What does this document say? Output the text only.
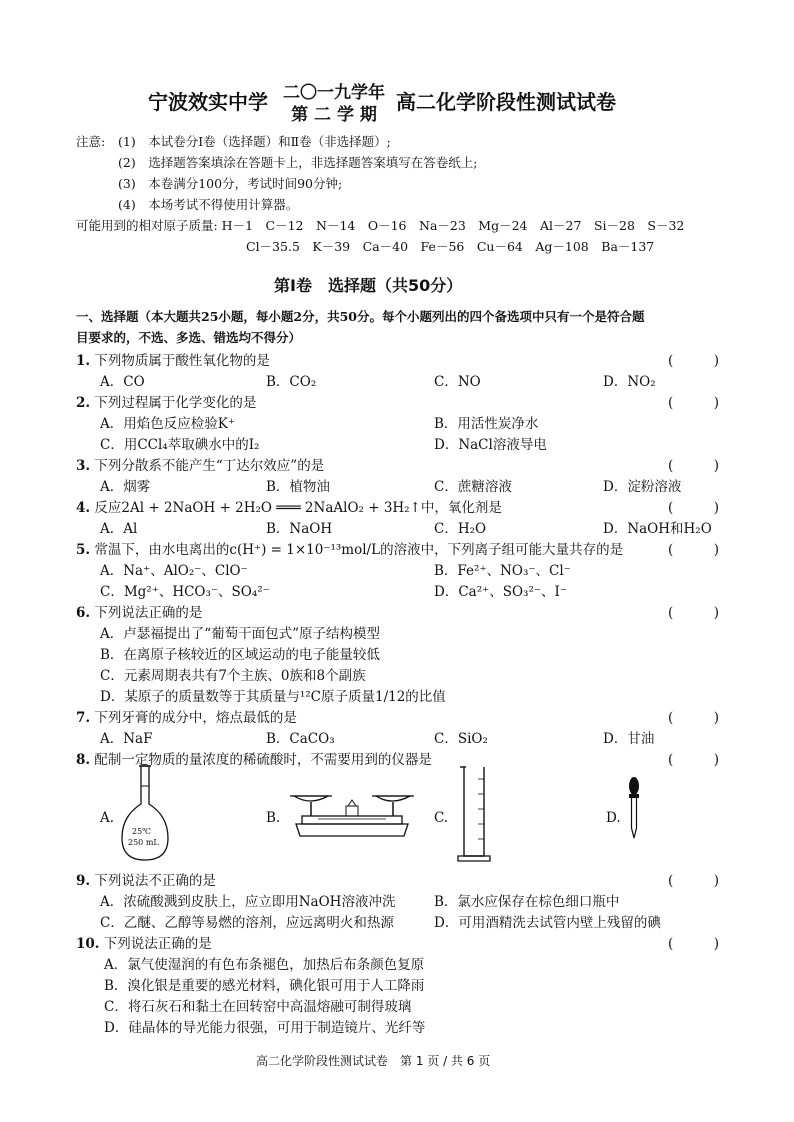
宁波效实中学 二〇一九学年
第 二 学 期
高二化学阶段性测试试卷
注意: (1)　本试卷分Ⅰ卷（选择题）和Ⅱ卷（非选择题）;
(2)　选择题答案填涂在答题卡上，非选择题答案填写在答卷纸上;
(3)　本卷满分100分，考试时间90分钟;
(4)　本场考试不得使用计算器。
可能用到的相对原子质量: H－1　C－12　N－14　O－16　Na－23　Mg－24　Al－27　Si－28　S－32
Cl－35.5　K－39　Ca－40　Fe－56　Cu－64　Ag－108　Ba－137
第Ⅰ卷　选择题（共50分）
一、选择题（本大题共25小题，每小题2分，共50分。每个小题列出的四个备选项中只有一个是符合题
目要求的，不选、多选、错选均不得分）
1. 下列物质属于酸性氧化物的是	(　　　)
A．CO	B．CO₂	C．NO	D．NO₂
2. 下列过程属于化学变化的是	(　　　)
A．用焰色反应检验K⁺	B．用活性炭净水
C．用CCl₄萃取碘水中的I₂	D．NaCl溶液导电
3. 下列分散系不能产生“丁达尔效应”的是	(　　　)
A．烟雾	B．植物油	C．蔗糖溶液	D．淀粉溶液
4. 反应2Al + 2NaOH + 2H₂O ═══ 2NaAlO₂ + 3H₂↑中，氧化剂是	(　　　)
A．Al	B．NaOH	C．H₂O	D．NaOH和H₂O
5. 常温下，由水电离出的c(H⁺) = 1×10⁻¹³mol/L的溶液中，下列离子组可能大量共存的是	(　　　)
A．Na⁺、AlO₂⁻、ClO⁻	B．Fe²⁺、NO₃⁻、Cl⁻
C．Mg²⁺、HCO₃⁻、SO₄²⁻	D．Ca²⁺、SO₃²⁻、I⁻
6. 下列说法正确的是	(　　　)
A．卢瑟福提出了“葡萄干面包式”原子结构模型
B．在离原子核较近的区域运动的电子能量较低
C．元素周期表共有7个主族、0族和8个副族
D．某原子的质量数等于其质量与¹²C原子质量1/12的比值
7. 下列牙膏的成分中，熔点最低的是	(　　　)
A．NaF	B．CaCO₃	C．SiO₂	D．甘油
8. 配制一定物质的量浓度的稀硫酸时，不需要用到的仪器是	(　　　)
A.	B.	C.	D.
25℃
250 mL
9. 下列说法不正确的是	(　　　)
A．浓硫酸溅到皮肤上，应立即用NaOH溶液冲洗	B．氯水应保存在棕色细口瓶中
C．乙醚、乙醇等易燃的溶剂，应远离明火和热源	D．可用酒精洗去试管内壁上残留的碘
10. 下列说法正确的是	(　　　)
A．氯气使湿润的有色布条褪色，加热后布条颜色复原
B．溴化银是重要的感光材料，碘化银可用于人工降雨
C．将石灰石和黏土在回转窑中高温熔融可制得玻璃
D．硅晶体的导光能力很强，可用于制造镜片、光纤等
高二化学阶段性测试试卷　第 1 页 / 共 6 页
